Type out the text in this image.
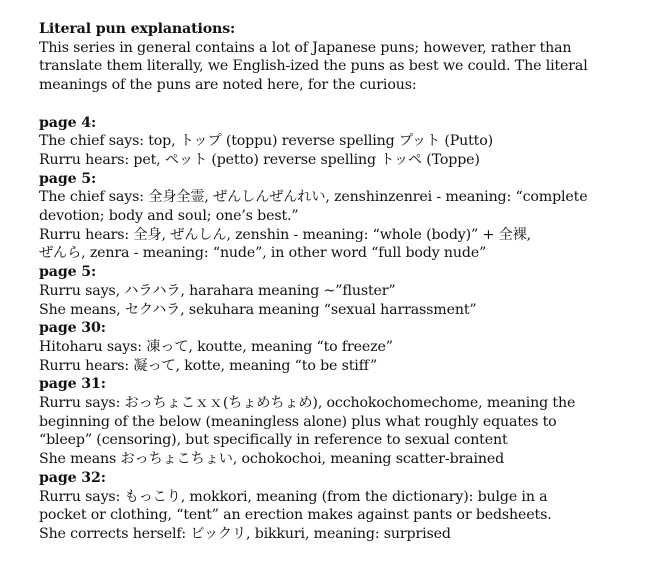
Literal pun explanations:
This series in general contains a lot of Japanese puns; however, rather than
translate them literally, we English-ized the puns as best we could. The literal
meanings of the puns are noted here, for the curious:
page 4:
The chief says: top, トップ (toppu) reverse spelling プット (Putto)
Rurru hears: pet, ペット (petto) reverse spelling トッペ (Toppe)
page 5:
The chief says: 全身全霊, ぜんしんぜんれい, zenshinzenrei - meaning: “complete
devotion; body and soul; one’s best.”
Rurru hears: 全身, ぜんしん, zenshin - meaning: “whole (body)” + 全裸,
ぜんら, zenra - meaning: “nude”, in other word “full body nude”
page 5:
Rurru says, ハラハラ, harahara meaning ~”fluster”
She means, セクハラ, sekuhara meaning “sexual harrassment”
page 30:
Hitoharu says: 凍って, koutte, meaning “to freeze”
Rurru hears: 凝って, kotte, meaning “to be stiff”
page 31:
Rurru says: おっちょこｘｘ(ちょめちょめ), occhokochomechome, meaning the
beginning of the below (meaningless alone) plus what roughly equates to
“bleep” (censoring), but specifically in reference to sexual content
She means おっちょこちょい, ochokochoi, meaning scatter-brained
page 32:
Rurru says: もっこり, mokkori, meaning (from the dictionary): bulge in a
pocket or clothing, “tent” an erection makes against pants or bedsheets.
She corrects herself: ビックリ, bikkuri, meaning: surprised
